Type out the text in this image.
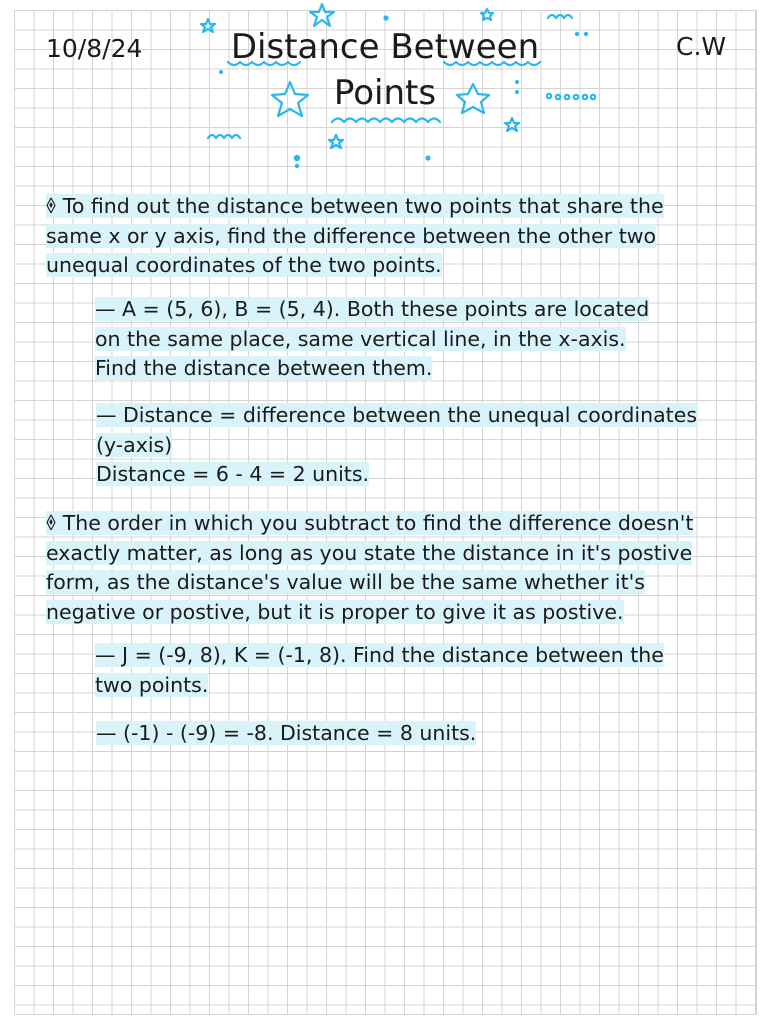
10/8/24	Distance Between
Points
C.W
🞠 To find out the distance between two points that share the
same x or y axis, find the difference between the other two
unequal coordinates of the two points.
— A = (5, 6), B = (5, 4). Both these points are located
on the same place, same vertical line, in the x-axis.
Find the distance between them.
— Distance = difference between the unequal coordinates
(y-axis)
Distance = 6 - 4 = 2 units.
🞠 The order in which you subtract to find the difference doesn't
exactly matter, as long as you state the distance in it's postive
form, as the distance's value will be the same whether it's
negative or postive, but it is proper to give it as postive.
— J = (-9, 8), K = (-1, 8). Find the distance between the
two points.
— (-1) - (-9) = -8. Distance = 8 units.
